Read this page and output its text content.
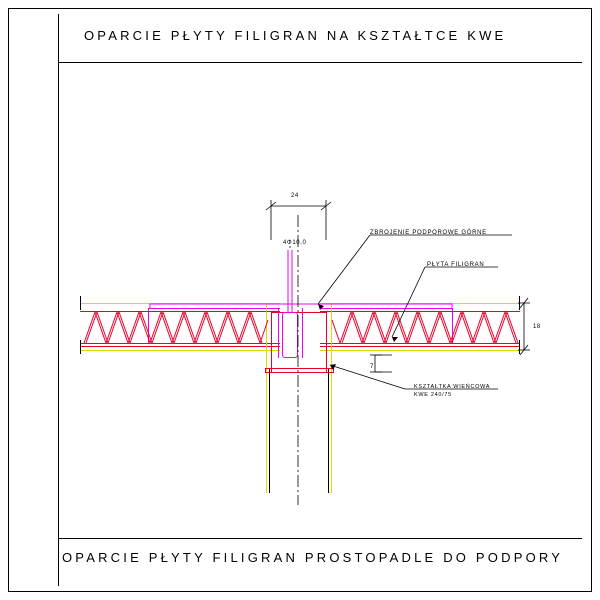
OPARCIE PŁYTY FILIGRAN NA KSZTAŁTCE KWE
OPARCIE PŁYTY FILIGRAN PROSTOPADLE DO PODPORY
24
4Φ10,0
18
7
ZBROJENIE PODPOROWE GÓRNE
PŁYTA FILIGRAN
KSZTAŁTKA WIEŃCOWA
KWE 240/75
